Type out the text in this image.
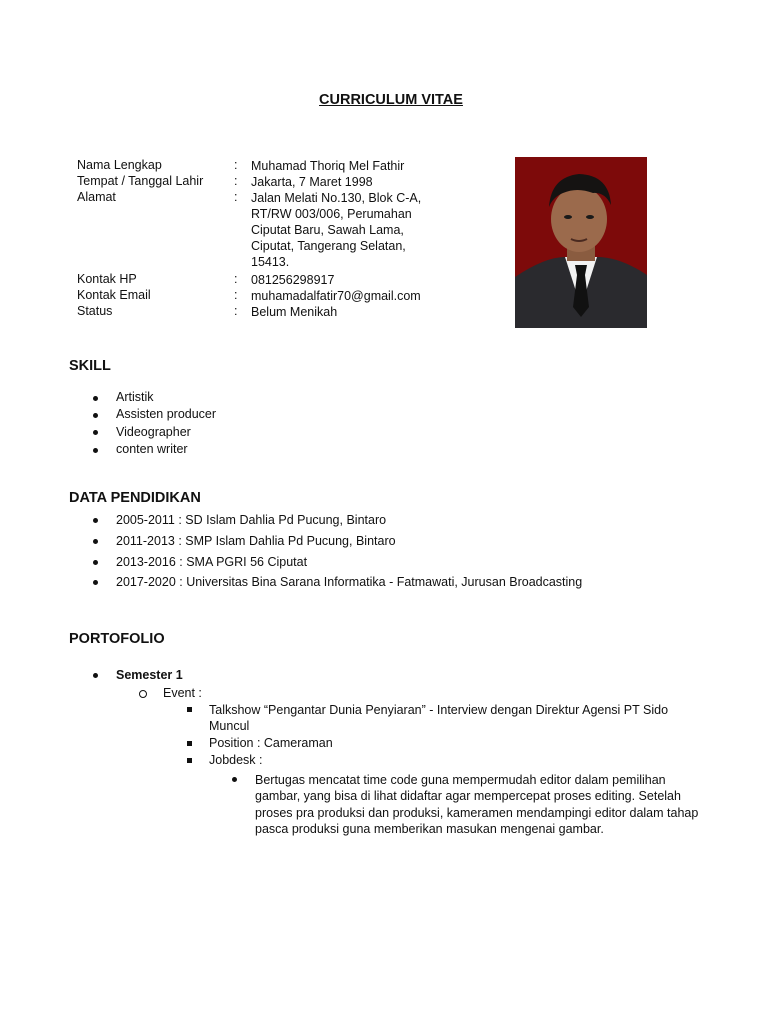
CURRICULUM VITAE
Nama Lengkap	: Muhamad Thoriq Mel Fathir
Tempat / Tanggal Lahir : Jakarta, 7 Maret 1998
Alamat	: Jalan Melati No.130, Blok C-A, RT/RW 003/006, Perumahan Ciputat Baru, Sawah Lama, Ciputat, Tangerang Selatan, 15413.
Kontak HP	: 081256298917
Kontak Email	: muhamadalfatir70@gmail.com
Status	: Belum Menikah
SKILL
Artistik
Assisten producer
Videographer
conten writer
DATA PENDIDIKAN
2005-2011 : SD Islam Dahlia Pd Pucung, Bintaro
2011-2013 : SMP Islam Dahlia Pd Pucung, Bintaro
2013-2016 : SMA PGRI 56 Ciputat
2017-2020 : Universitas Bina Sarana Informatika - Fatmawati, Jurusan Broadcasting
PORTOFOLIO
Semester 1
Event :
Talkshow “Pengantar Dunia Penyiaran” - Interview dengan Direktur Agensi PT Sido
Muncul
Position : Cameraman
Jobdesk :
Bertugas mencatat time code guna mempermudah editor dalam pemilihan gambar, yang bisa di lihat didaftar agar mempercepat proses editing. Setelah proses pra produksi dan produksi, kameramen mendampingi editor dalam tahap pasca produksi guna memberikan masukan mengenai gambar.
